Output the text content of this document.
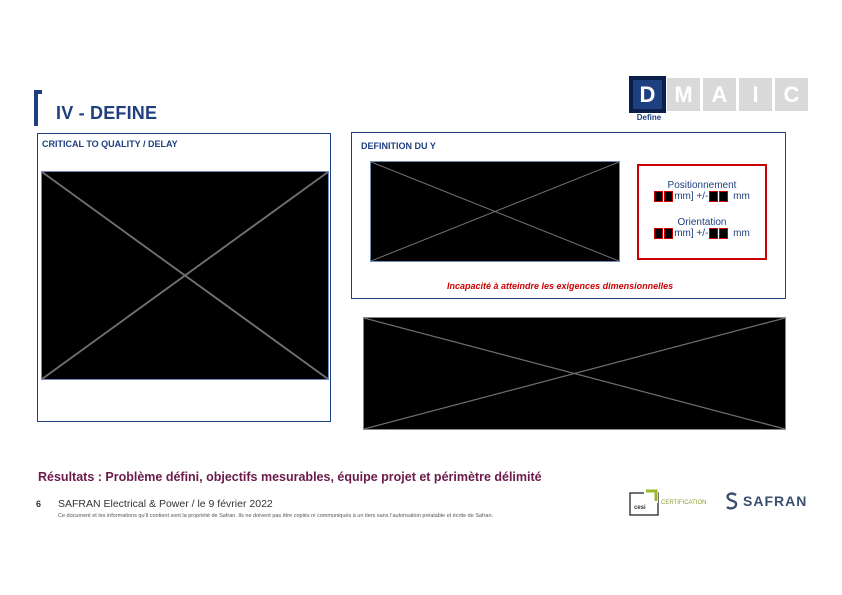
IV - DEFINE
D M A	I	C
Define
CRITICAL TO QUALITY / DELAY	DEFINITION DU Y
Positionnement
mm] +/-
mm
Orientation
mm] +/-
mm
Incapacité à atteindre les exigences dimensionnelles
Résultats : Problème défini, objectifs mesurables, équipe projet et périmètre délimité
6 SAFRAN Electrical & Power / le 9 février 2022
Ce document et les informations qu’il contient sont la propriété de Safran. Ils ne doivent pas être copiés ni communiqués à un tiers sans l’autorisation préalable et écrite de Safran.
cesi
CERTIFICATION	SAFRAN
